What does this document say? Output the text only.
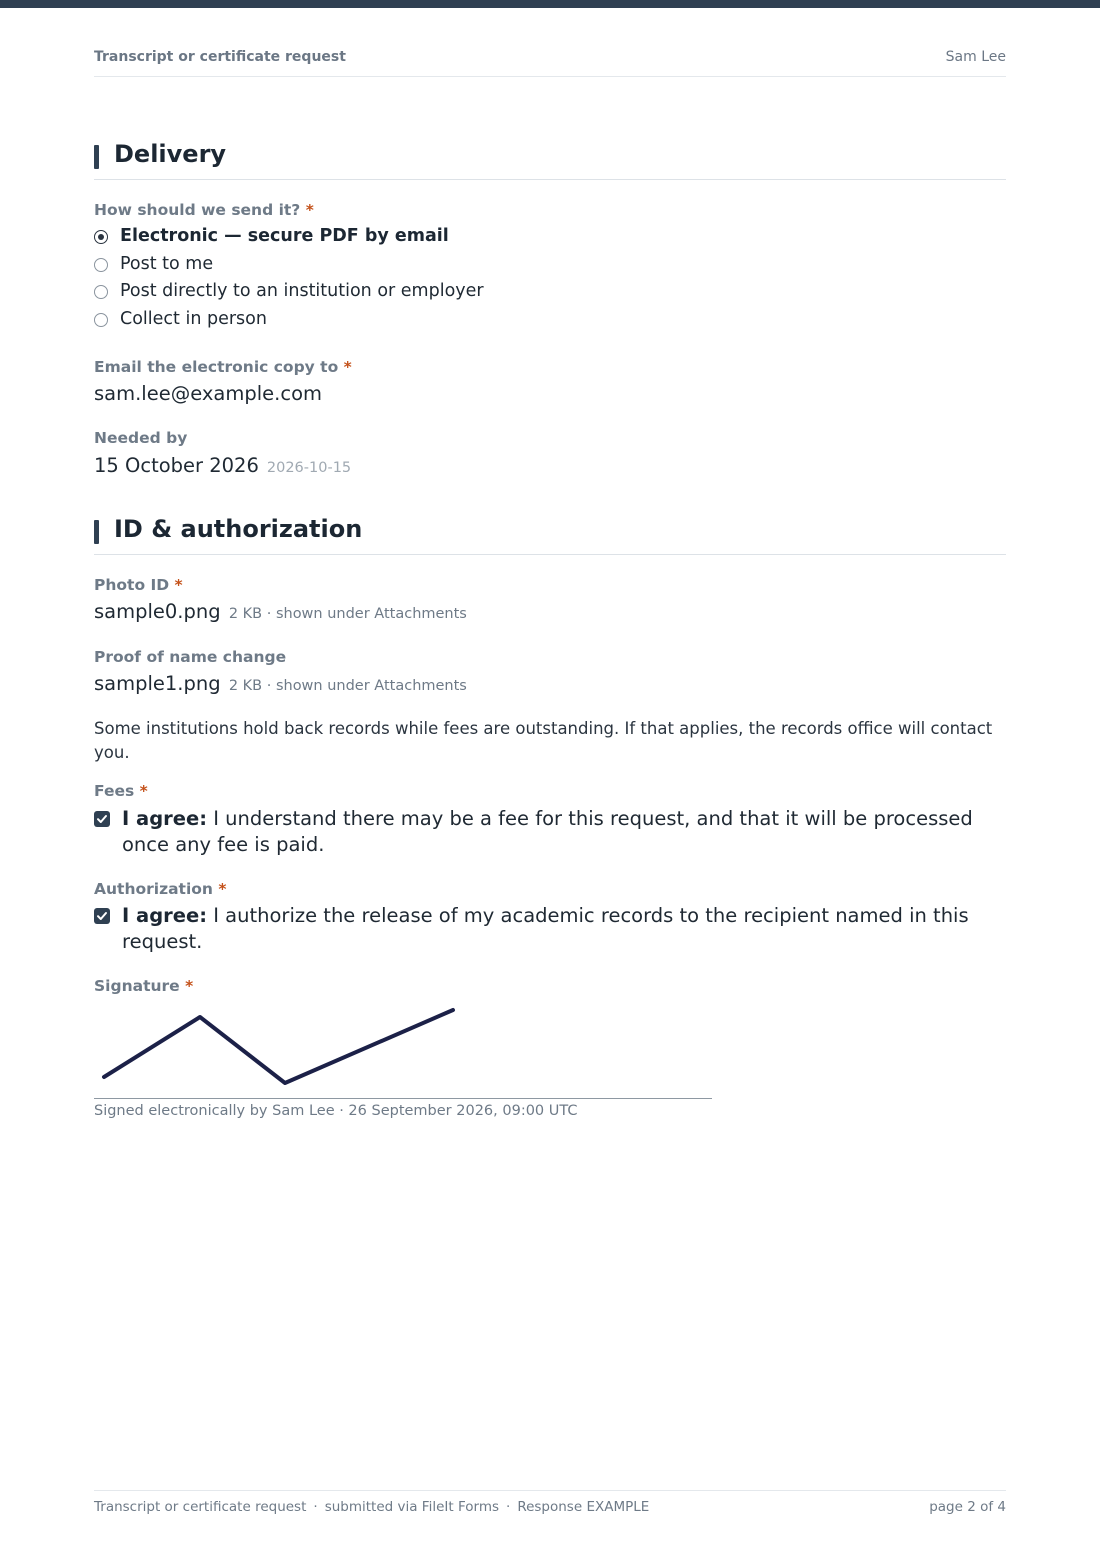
Transcript or certificate request	Sam Lee
Delivery
How should we send it? *
Electronic — secure PDF by email
Post to me
Post directly to an institution or employer
Collect in person
Email the electronic copy to *
sam.lee@example.com
Needed by
15 October 2026 2026-10-15
ID & authorization
Photo ID *
sample0.png 2 KB · shown under Attachments
Proof of name change
sample1.png 2 KB · shown under Attachments
Some institutions hold back records while fees are outstanding. If that applies, the records office will contact you.
Fees *
I agree: I understand there may be a fee for this request, and that it will be processed once any fee is paid.
Authorization *
I agree: I authorize the release of my academic records to the recipient named in this request.
Signature *
Signed electronically by Sam Lee · 26 September 2026, 09:00 UTC
Transcript or certificate request · submitted via FileIt Forms · Response EXAMPLE	page 2 of 4
